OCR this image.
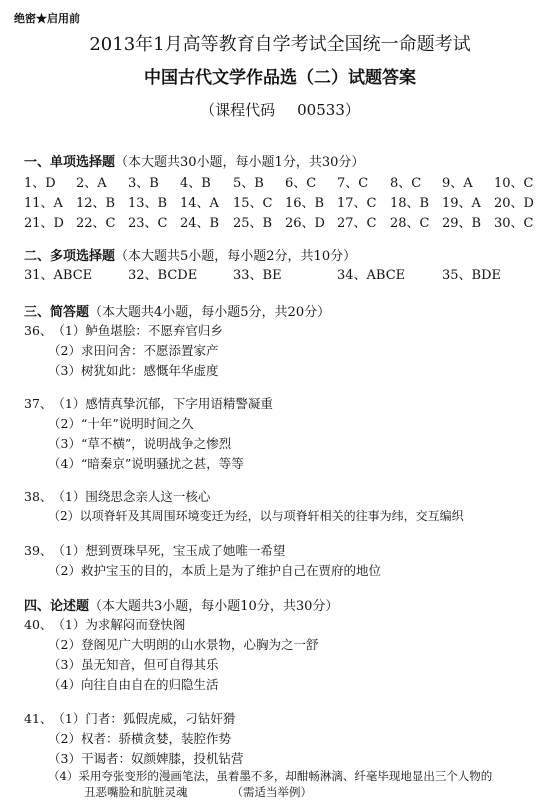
绝密★启用前
2013年1月高等教育自学考试全国统一命题考试
中国古代文学作品选（二）试题答案
（课程代码 00533）
一、单项选择题（本大题共30小题，每小题1分，共30分）
1、D 2、A 3、B 4、B 5、B 6、C 7、C 8、C 9、A 10、C
11、A 12、B 13、B 14、A 15、C 16、B 17、C 18、B 19、A 20、D
21、D 22、C 23、C 24、B 25、B 26、D 27、C 28、C 29、B 30、C
二、多项选择题（本大题共5小题，每小题2分，共10分）
31、ABCE	32、BCDE	33、BE	34、ABCE	35、BDE
三、简答题（本大题共4小题，每小题5分，共20分）
36、（1）鲈鱼堪脍：不愿弃官归乡
（2）求田问舍：不愿添置家产
（3）树犹如此：感慨年华虚度
37、（1）感情真挚沉郁，下字用语精警凝重
（2）“十年”说明时间之久
（3）“草不横”，说明战争之惨烈
（4）“暗秦京”说明骚扰之甚，等等
38、（1）围绕思念亲人这一核心
（2）以项脊轩及其周围环境变迁为经，以与项脊轩相关的往事为纬，交互编织
39、（1）想到贾珠早死，宝玉成了她唯一希望
（2）救护宝玉的目的，本质上是为了维护自己在贾府的地位
四、论述题（本大题共3小题，每小题10分，共30分）
40、（1）为求解闷而登快阁
（2）登阁见广大明朗的山水景物，心胸为之一舒
（3）虽无知音，但可自得其乐
（4）向往自由自在的归隐生活
41、（1）门者：狐假虎威，刁钻奸猾
（2）权者：骄横贪婪，装腔作势
（3）干谒者：奴颜婢膝，投机钻营
（4）采用夸张变形的漫画笔法，虽着墨不多，却酣畅淋漓、纤毫毕现地显出三个人物的
丑恶嘴脸和肮脏灵魂	（需适当举例）
